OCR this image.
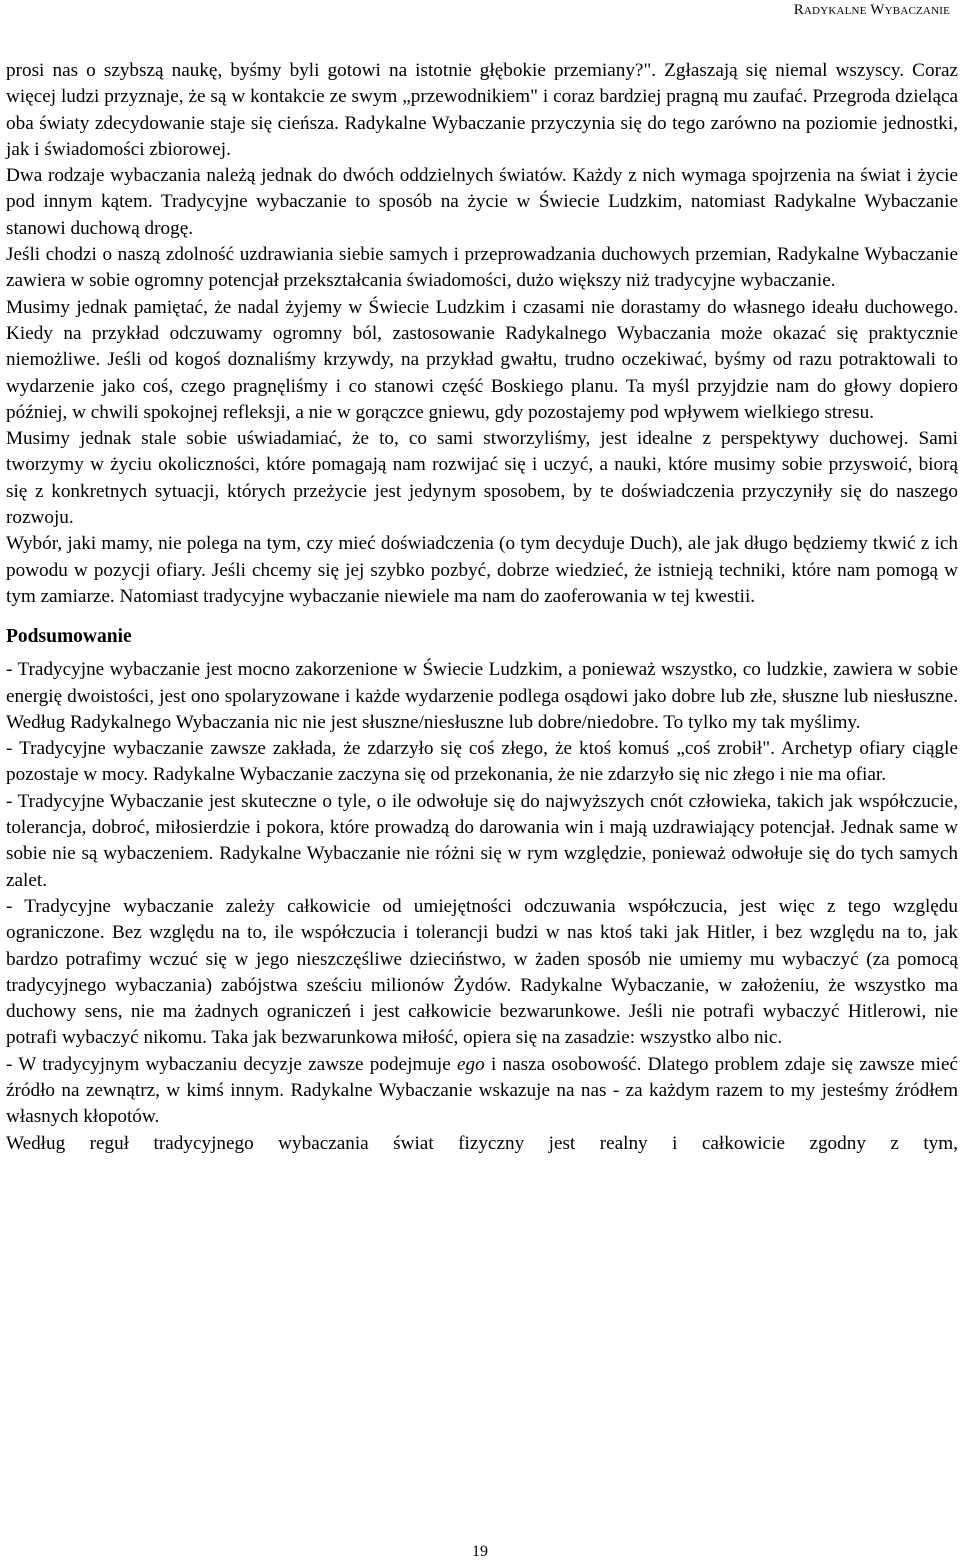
Radykalne Wybaczanie

prosi nas o szybszą naukę, byśmy byli gotowi na istotnie głębokie przemiany?". Zgłaszają się niemal wszyscy. Coraz więcej ludzi przyznaje, że są w kontakcie ze swym „przewodnikiem" i coraz bardziej pragną mu zaufać. Przegroda dzieląca oba światy zdecydowanie staje się cieńsza. Radykalne Wybaczanie przyczynia się do tego zarówno na poziomie jednostki, jak i świadomości zbiorowej.

Dwa rodzaje wybaczania należą jednak do dwóch oddzielnych światów. Każdy z nich wymaga spojrzenia na świat i życie pod innym kątem. Tradycyjne wybaczanie to sposób na życie w Świecie Ludzkim, natomiast Radykalne Wybaczanie stanowi duchową drogę.

Jeśli chodzi o naszą zdolność uzdrawiania siebie samych i przeprowadzania duchowych przemian, Radykalne Wybaczanie zawiera w sobie ogromny potencjał przekształcania świadomości, dużo większy niż tradycyjne wybaczanie.

Musimy jednak pamiętać, że nadal żyjemy w Świecie Ludzkim i czasami nie dorastamy do własnego ideału duchowego. Kiedy na przykład odczuwamy ogromny ból, zastosowanie Radykalnego Wybaczania może okazać się praktycznie niemożliwe. Jeśli od kogoś doznaliśmy krzywdy, na przykład gwałtu, trudno oczekiwać, byśmy od razu potraktowali to wydarzenie jako coś, czego pragnęliśmy i co stanowi część Boskiego planu. Ta myśl przyjdzie nam do głowy dopiero później, w chwili spokojnej refleksji, a nie w gorączce gniewu, gdy pozostajemy pod wpływem wielkiego stresu.

Musimy jednak stale sobie uświadamiać, że to, co sami stworzyliśmy, jest idealne z perspektywy duchowej. Sami tworzymy w życiu okoliczności, które pomagają nam rozwijać się i uczyć, a nauki, które musimy sobie przyswoić, biorą się z konkretnych sytuacji, których przeżycie jest jedynym sposobem, by te doświadczenia przyczyniły się do naszego rozwoju.

Wybór, jaki mamy, nie polega na tym, czy mieć doświadczenia (o tym decyduje Duch), ale jak długo będziemy tkwić z ich powodu w pozycji ofiary. Jeśli chcemy się jej szybko pozbyć, dobrze wiedzieć, że istnieją techniki, które nam pomogą w tym zamiarze. Natomiast tradycyjne wybaczanie niewiele ma nam do zaoferowania w tej kwestii.

Podsumowanie

- Tradycyjne wybaczanie jest mocno zakorzenione w Świecie Ludzkim, a ponieważ wszystko, co ludzkie, zawiera w sobie energię dwoistości, jest ono spolaryzowane i każde wydarzenie podlega osądowi jako dobre lub złe, słuszne lub niesłuszne. Według Radykalnego Wybaczania nic nie jest słuszne/niesłuszne lub dobre/niedobre. To tylko my tak myślimy.

- Tradycyjne wybaczanie zawsze zakłada, że zdarzyło się coś złego, że ktoś komuś „coś zrobił". Archetyp ofiary ciągle pozostaje w mocy. Radykalne Wybaczanie zaczyna się od przekonania, że nie zdarzyło się nic złego i nie ma ofiar.

- Tradycyjne Wybaczanie jest skuteczne o tyle, o ile odwołuje się do najwyższych cnót człowieka, takich jak współczucie, tolerancja, dobroć, miłosierdzie i pokora, które prowadzą do darowania win i mają uzdrawiający potencjał. Jednak same w sobie nie są wybaczeniem. Radykalne Wybaczanie nie różni się w rym względzie, ponieważ odwołuje się do tych samych zalet.

- Tradycyjne wybaczanie zależy całkowicie od umiejętności odczuwania współczucia, jest więc z tego względu ograniczone. Bez względu na to, ile współczucia i tolerancji budzi w nas ktoś taki jak Hitler, i bez względu na to, jak bardzo potrafimy wczuć się w jego nieszczęśliwe dzieciństwo, w żaden sposób nie umiemy mu wybaczyć (za pomocą tradycyjnego wybaczania) zabójstwa sześciu milionów Żydów. Radykalne Wybaczanie, w założeniu, że wszystko ma duchowy sens, nie ma żadnych ograniczeń i jest całkowicie bezwarunkowe. Jeśli nie potrafi wybaczyć Hitlerowi, nie potrafi wybaczyć nikomu. Taka jak bezwarunkowa miłość, opiera się na zasadzie: wszystko albo nic.

- W tradycyjnym wybaczaniu decyzje zawsze podejmuje ego i nasza osobowość. Dlatego problem zdaje się zawsze mieć źródło na zewnątrz, w kimś innym. Radykalne Wybaczanie wskazuje na nas - za każdym razem to my jesteśmy źródłem własnych kłopotów.

Według reguł tradycyjnego wybaczania świat fizyczny jest realny i całkowicie zgodny z tym,

19
